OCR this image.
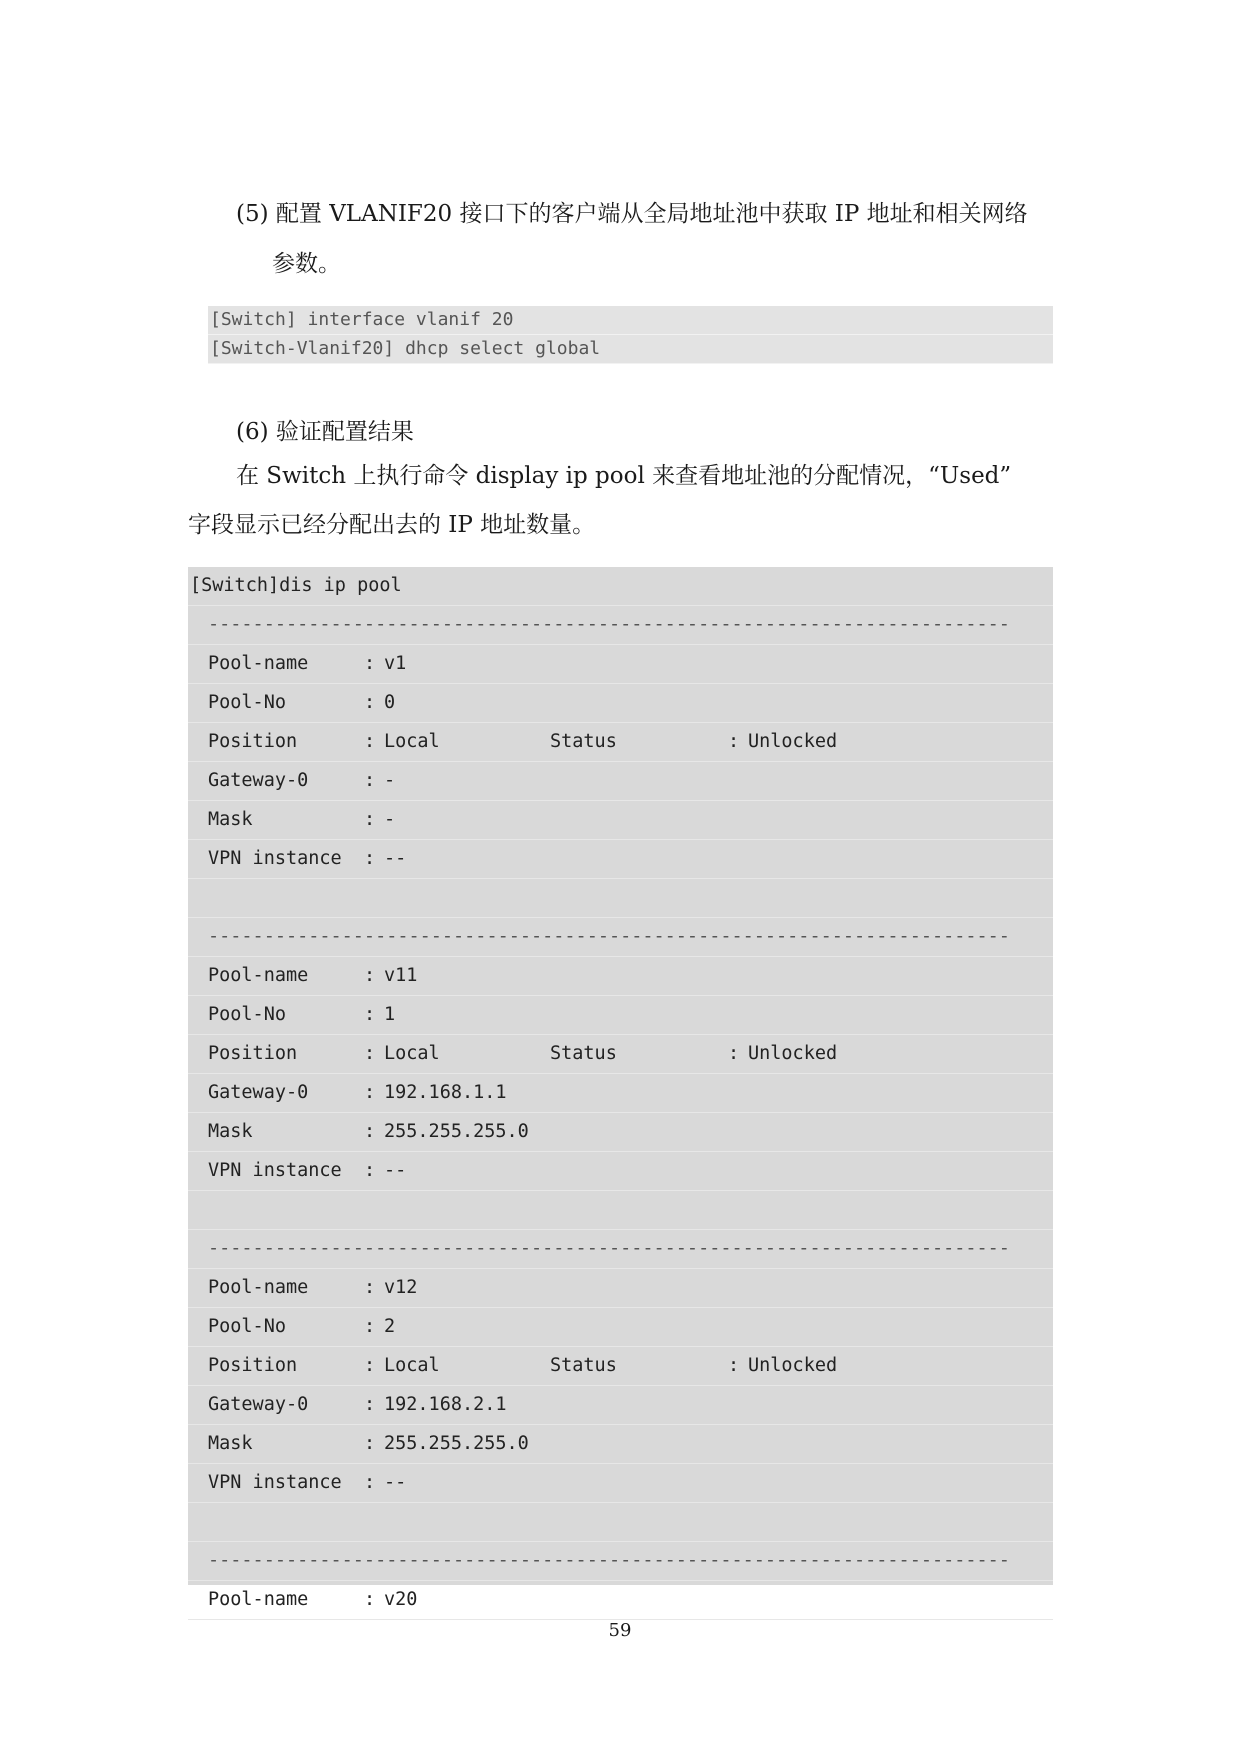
(5) 配置 VLANIF20 接口下的客户端从全局地址池中获取 IP 地址和相关网络
参数。
[Switch] interface vlanif 20
[Switch-Vlanif20] dhcp select global
(6) 验证配置结果
在 Switch 上执行命令 display ip pool 来查看地址池的分配情况，“Used”
字段显示已经分配出去的 IP 地址数量。
[Switch]dis ip pool
------------------------------------------------------------------------
Pool-name	: v1
Pool-No	: 0
Position	: Local	Status	: Unlocked
Gateway-0	: -
Mask	: -
VPN instance : --
------------------------------------------------------------------------
Pool-name	: v11
Pool-No	: 1
Position	: Local	Status	: Unlocked
Gateway-0	: 192.168.1.1
Mask	: 255.255.255.0
VPN instance : --
------------------------------------------------------------------------
Pool-name	: v12
Pool-No	: 2
Position	: Local	Status	: Unlocked
Gateway-0	: 192.168.2.1
Mask	: 255.255.255.0
VPN instance : --
------------------------------------------------------------------------
Pool-name	: v20
59
